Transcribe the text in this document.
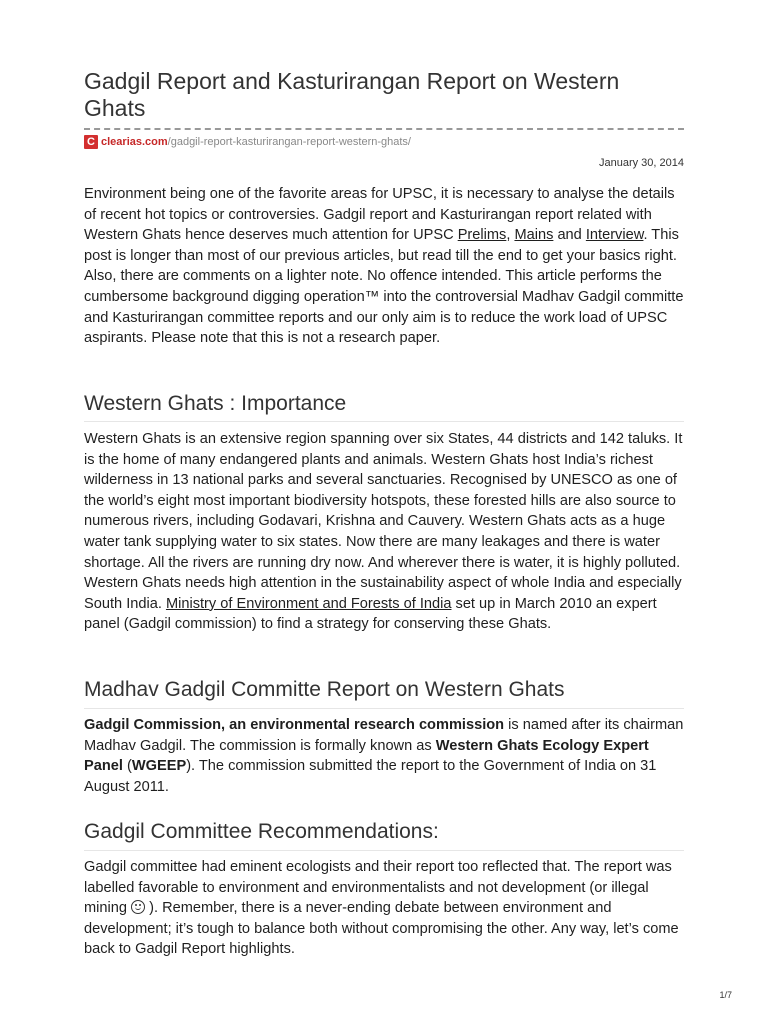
Gadgil Report and Kasturirangan Report on Western Ghats
C clearias.com /gadgil-report-kasturirangan-report-western-ghats/
January 30, 2014

Environment being one of the favorite areas for UPSC, it is necessary to analyse the details of recent hot topics or controversies. Gadgil report and Kasturirangan report related with Western Ghats hence deserves much attention for UPSC Prelims, Mains and Interview. This post is longer than most of our previous articles, but read till the end to get your basics right. Also, there are comments on a lighter note. No offence intended. This article performs the cumbersome background digging operation™ into the controversial Madhav Gadgil committe and Kasturirangan committee reports and our only aim is to reduce the work load of UPSC aspirants. Please note that this is not a research paper.

Western Ghats : Importance

Western Ghats is an extensive region spanning over six States, 44 districts and 142 taluks. It is the home of many endangered plants and animals. Western Ghats host India’s richest wilderness in 13 national parks and several sanctuaries. Recognised by UNESCO as one of the world’s eight most important biodiversity hotspots, these forested hills are also source to numerous rivers, including Godavari, Krishna and Cauvery. Western Ghats acts as a huge water tank supplying water to six states. Now there are many leakages and there is water shortage. All the rivers are running dry now. And wherever there is water, it is highly polluted. Western Ghats needs high attention in the sustainability aspect of whole India and especially South India. Ministry of Environment and Forests of India set up in March 2010 an expert panel (Gadgil commission) to find a strategy for conserving these Ghats.

Madhav Gadgil Committe Report on Western Ghats

Gadgil Commission, an environmental research commission is named after its chairman Madhav Gadgil. The commission is formally known as Western Ghats Ecology Expert Panel (WGEEP). The commission submitted the report to the Government of India on 31 August 2011.

Gadgil Committee Recommendations:

Gadgil committee had eminent ecologists and their report too reflected that. The report was labelled favorable to environment and environmentalists and not development (or illegal mining
). Remember, there is a never-ending debate between environment and development; it’s tough to balance both without compromising the other. Any way, let’s come back to Gadgil Report highlights.

1/7
